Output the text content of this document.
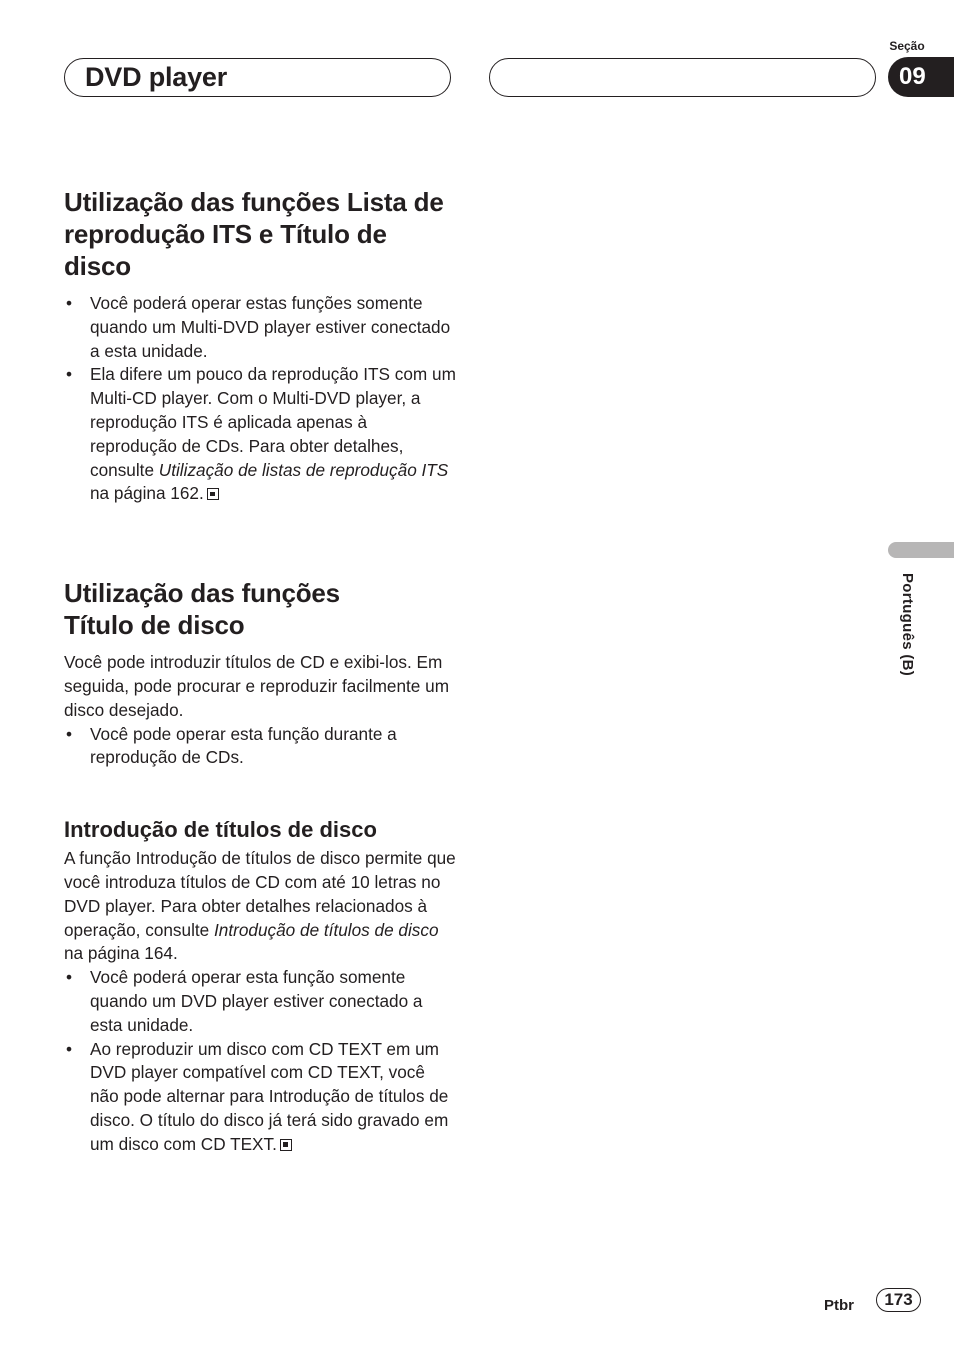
DVD player
Seção
09
Português (B)
Utilização das funções Lista de reprodução ITS e Título de disco
• Você poderá operar estas funções somente quando um Multi-DVD player estiver conectado a esta unidade.
• Ela difere um pouco da reprodução ITS com um Multi-CD player. Com o Multi-DVD player, a reprodução ITS é aplicada apenas à reprodução de CDs. Para obter detalhes, consulte Utilização de listas de reprodução ITS na página 162.
Utilização das funções Título de disco

Você pode introduzir títulos de CD e exibi-los. Em seguida, pode procurar e reproduzir facilmente um disco desejado.

• Você pode operar esta função durante a reprodução de CDs.
Introdução de títulos de disco

A função Introdução de títulos de disco permite que você introduza títulos de CD com até 10 letras no DVD player. Para obter detalhes relacionados à operação, consulte Introdução de títulos de disco na página 164.

• Você poderá operar esta função somente quando um DVD player estiver conectado a esta unidade.
• Ao reproduzir um disco com CD TEXT em um DVD player compatível com CD TEXT, você não pode alternar para Introdução de títulos de disco. O título do disco já terá sido gravado em um disco com CD TEXT.
Ptbr	173
